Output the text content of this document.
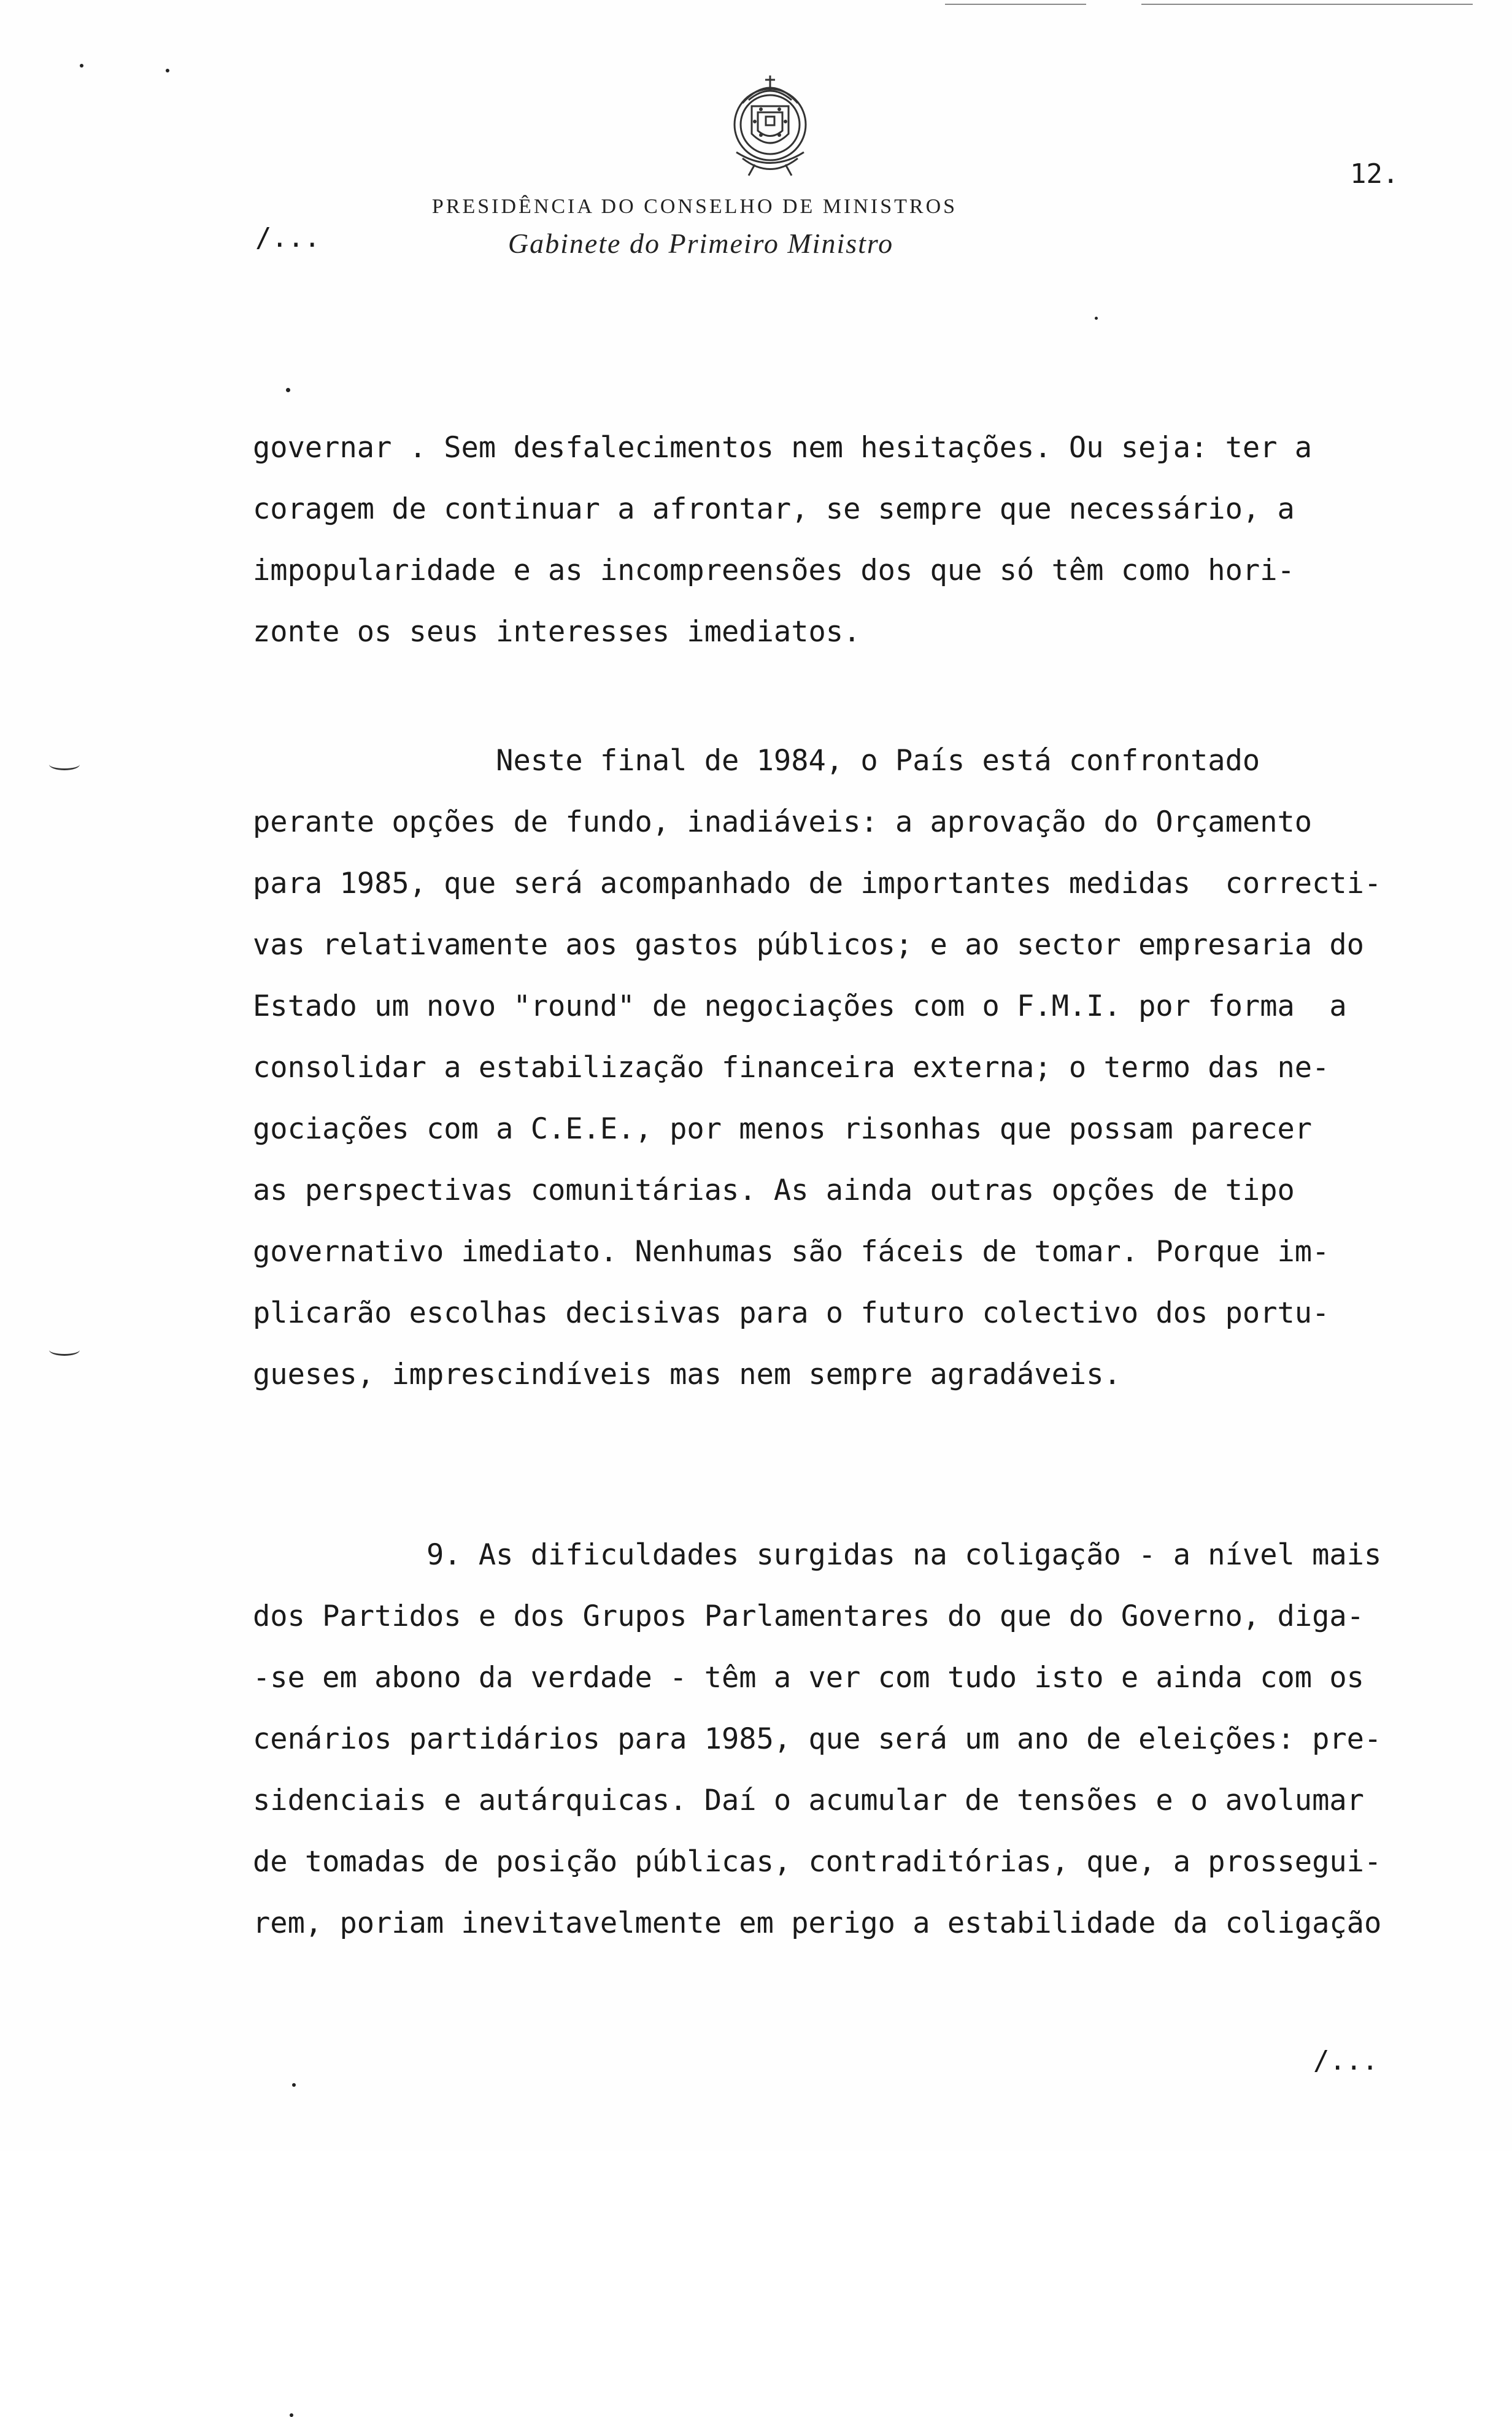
PRESIDÊNCIA DO CONSELHO DE MINISTROS
Gabinete do Primeiro Ministro
12.
/...
governar . Sem desfalecimentos nem hesitações. Ou seja: ter a
coragem de continuar a afrontar, se sempre que necessário, a
impopularidade e as incompreensões dos que só têm como hori-
zonte os seus interesses imediatos.
Neste final de 1984, o País está confrontado
perante opções de fundo, inadiáveis: a aprovação do Orçamento
para 1985, que será acompanhado de importantes medidas  correcti-
vas relativamente aos gastos públicos; e ao sector empresaria do
Estado um novo "round" de negociações com o F.M.I. por forma  a
consolidar a estabilização financeira externa; o termo das ne-
gociações com a C.E.E., por menos risonhas que possam parecer
as perspectivas comunitárias. As ainda outras opções de tipo
governativo imediato. Nenhumas são fáceis de tomar. Porque im-
plicarão escolhas decisivas para o futuro colectivo dos portu-
gueses, imprescindíveis mas nem sempre agradáveis.
9. As dificuldades surgidas na coligação - a nível mais
dos Partidos e dos Grupos Parlamentares do que do Governo, diga-
-se em abono da verdade - têm a ver com tudo isto e ainda com os
cenários partidários para 1985, que será um ano de eleições: pre-
sidenciais e autárquicas. Daí o acumular de tensões e o avolumar
de tomadas de posição públicas, contraditórias, que, a prossegui-
rem, poriam inevitavelmente em perigo a estabilidade da coligação
/...
